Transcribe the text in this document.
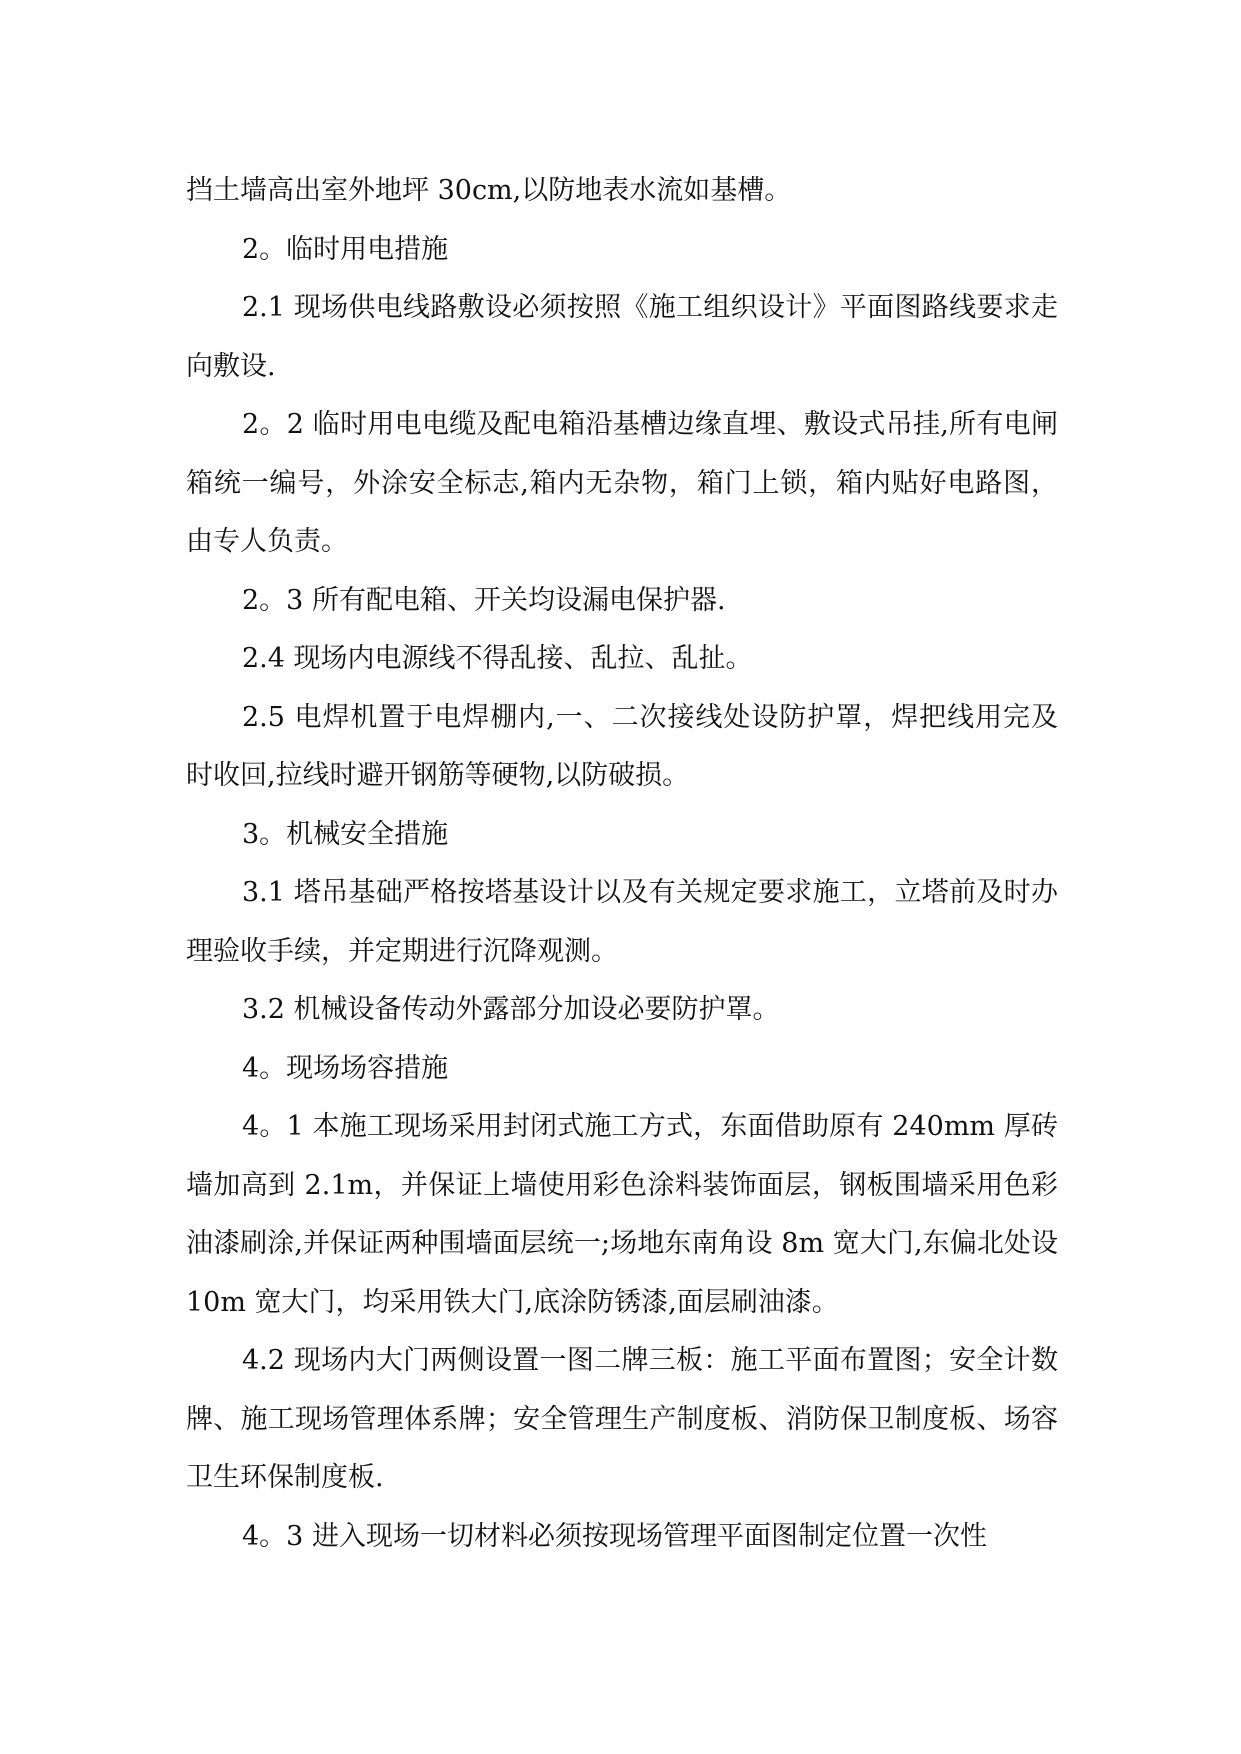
挡土墙高出室外地坪 30cm,以防地表水流如基槽。

2。临时用电措施

2.1 现场供电线路敷设必须按照《施工组织设计》平面图路线要求走向敷设.

2。2 临时用电电缆及配电箱沿基槽边缘直埋、敷设式吊挂,所有电闸箱统一编号，外涂安全标志,箱内无杂物，箱门上锁，箱内贴好电路图，由专人负责。

2。3 所有配电箱、开关均设漏电保护器.

2.4 现场内电源线不得乱接、乱拉、乱扯。

2.5 电焊机置于电焊棚内,一、二次接线处设防护罩，焊把线用完及时收回,拉线时避开钢筋等硬物,以防破损。

3。机械安全措施

3.1 塔吊基础严格按塔基设计以及有关规定要求施工，立塔前及时办理验收手续，并定期进行沉降观测。

3.2 机械设备传动外露部分加设必要防护罩。

4。现场场容措施

4。1 本施工现场采用封闭式施工方式，东面借助原有 240mm 厚砖墙加高到 2.1m，并保证上墙使用彩色涂料装饰面层，钢板围墙采用色彩油漆刷涂,并保证两种围墙面层统一;场地东南角设 8m 宽大门,东偏北处设 10m 宽大门，均采用铁大门,底涂防锈漆,面层刷油漆。

4.2 现场内大门两侧设置一图二牌三板：施工平面布置图；安全计数牌、施工现场管理体系牌；安全管理生产制度板、消防保卫制度板、场容卫生环保制度板.

4。3 进入现场一切材料必须按现场管理平面图制定位置一次性
